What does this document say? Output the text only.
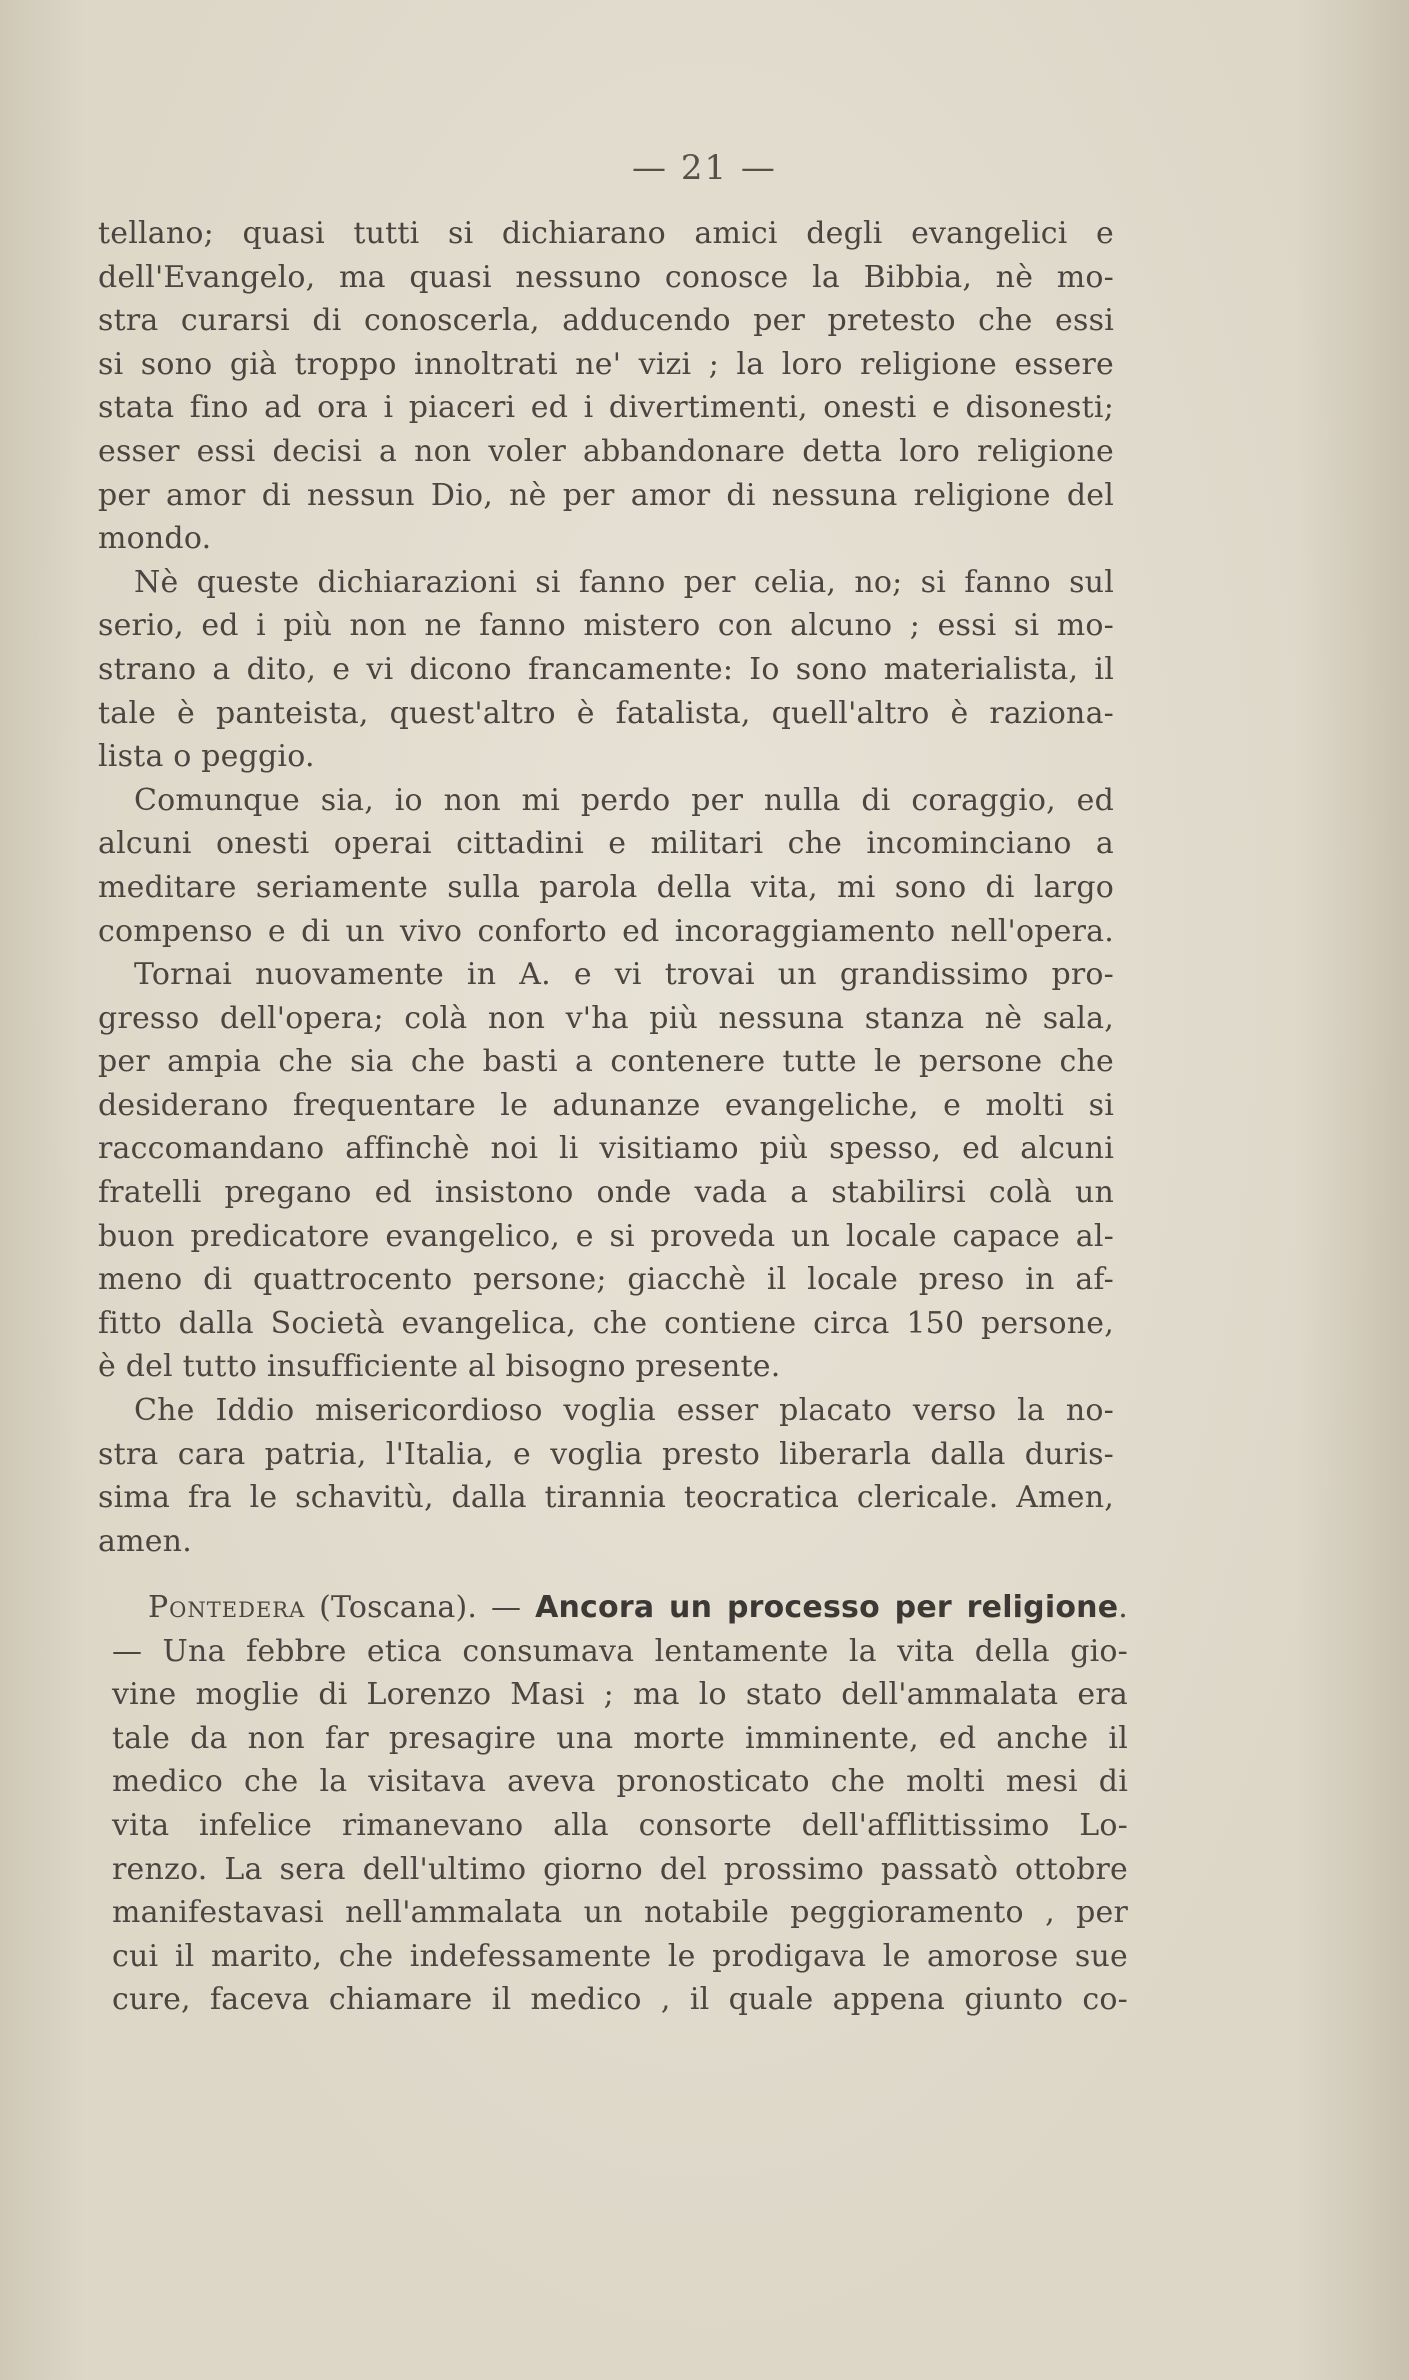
— 21 —
tellano; quasi tutti si dichiarano amici degli evangelici e
dell'Evangelo, ma quasi nessuno conosce la Bibbia, nè mo-
stra curarsi di conoscerla, adducendo per pretesto che essi
si sono già troppo innoltrati ne' vizi ; la loro religione essere
stata fino ad ora i piaceri ed i divertimenti, onesti e disonesti;
esser essi decisi a non voler abbandonare detta loro religione
per amor di nessun Dio, nè per amor di nessuna religione del
mondo.
Nè queste dichiarazioni si fanno per celia, no; si fanno sul
serio, ed i più non ne fanno mistero con alcuno ; essi si mo-
strano a dito, e vi dicono francamente: Io sono materialista, il
tale è panteista, quest'altro è fatalista, quell'altro è raziona-
lista o peggio.
Comunque sia, io non mi perdo per nulla di coraggio, ed
alcuni onesti operai cittadini e militari che incominciano a
meditare seriamente sulla parola della vita, mi sono di largo
compenso e di un vivo conforto ed incoraggiamento nell'opera.
Tornai nuovamente in A. e vi trovai un grandissimo pro-
gresso dell'opera; colà non v'ha più nessuna stanza nè sala,
per ampia che sia che basti a contenere tutte le persone che
desiderano frequentare le adunanze evangeliche, e molti si
raccomandano affinchè noi li visitiamo più spesso, ed alcuni
fratelli pregano ed insistono onde vada a stabilirsi colà un
buon predicatore evangelico, e si proveda un locale capace al-
meno di quattrocento persone; giacchè il locale preso in af-
fitto dalla Società evangelica, che contiene circa 150 persone,
è del tutto insufficiente al bisogno presente.
Che Iddio misericordioso voglia esser placato verso la no-
stra cara patria, l'Italia, e voglia presto liberarla dalla duris-
sima fra le schavitù, dalla tirannia teocratica clericale. Amen,
amen.
Pontedera (Toscana). — Ancora un processo per religione.
— Una febbre etica consumava lentamente la vita della gio-
vine moglie di Lorenzo Masi ; ma lo stato dell'ammalata era
tale da non far presagire una morte imminente, ed anche il
medico che la visitava aveva pronosticato che molti mesi di
vita infelice rimanevano alla consorte dell'afflittissimo Lo-
renzo. La sera dell'ultimo giorno del prossimo passatò ottobre
manifestavasi nell'ammalata un notabile peggioramento , per
cui il marito, che indefessamente le prodigava le amorose sue
cure, faceva chiamare il medico , il quale appena giunto co-
